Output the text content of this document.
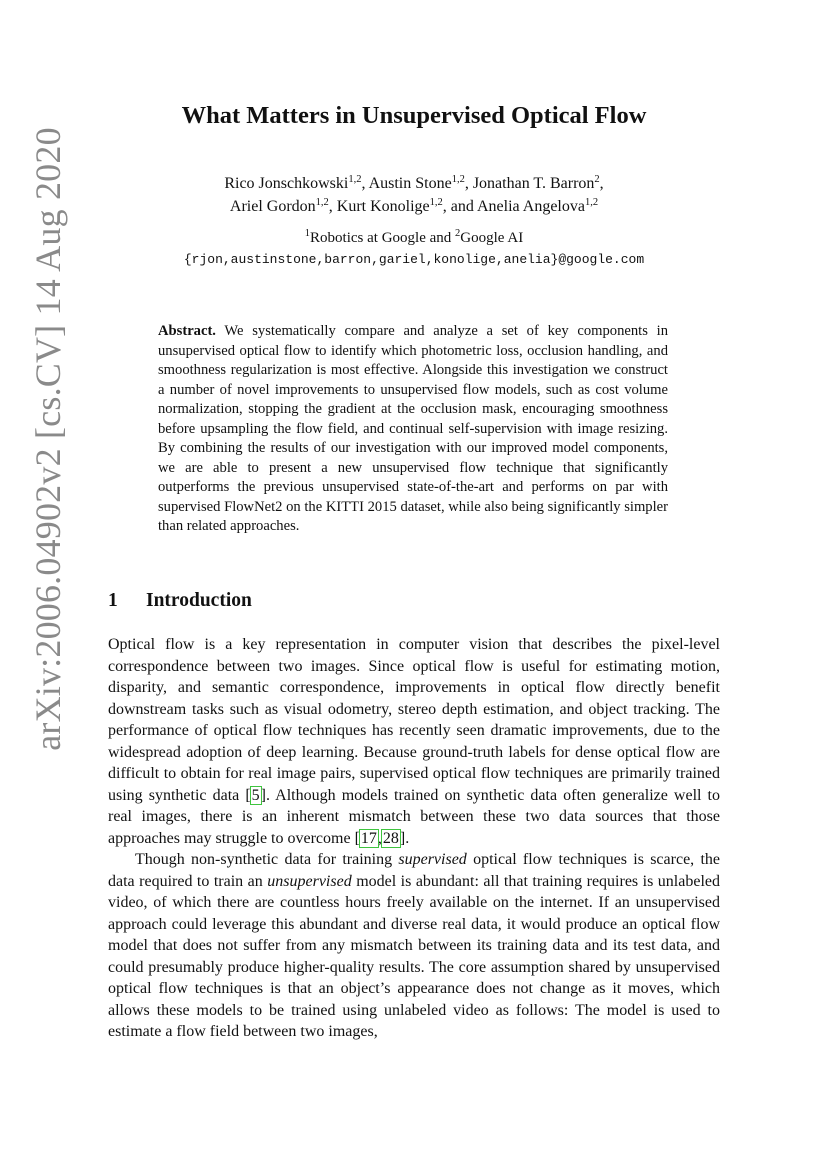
arXiv:2006.04902v2 [cs.CV] 14 Aug 2020
What Matters in Unsupervised Optical Flow
Rico Jonschkowski$^{1,2}$, Austin Stone$^{1,2}$, Jonathan T. Barron$^2$,
Ariel Gordon$^{1,2}$, Kurt Konolige$^{1,2}$, and Anelia Angelova$^{1,2}$
$^1$Robotics at Google and $^2$Google AI
{rjon,austinstone,barron,gariel,konolige,anelia}@google.com
Abstract. We systematically compare and analyze a set of key components in unsupervised optical flow to identify which photometric loss, occlusion handling, and smoothness regularization is most effective. Alongside this investigation we construct a number of novel improvements to unsupervised flow models, such as cost volume normalization, stopping the gradient at the occlusion mask, encouraging smoothness before upsampling the flow field, and continual self-supervision with image resizing. By combining the results of our investigation with our improved model components, we are able to present a new unsupervised flow technique that significantly outperforms the previous unsupervised state-of-the-art and performs on par with supervised FlowNet2 on the KITTI 2015 dataset, while also being significantly simpler than related approaches.
1 Introduction

Optical flow is a key representation in computer vision that describes the pixel-level correspondence between two images. Since optical flow is useful for estimating motion, disparity, and semantic correspondence, improvements in optical flow directly benefit downstream tasks such as visual odometry, stereo depth estimation, and object tracking. The performance of optical flow techniques has recently seen dramatic improvements, due to the widespread adoption of deep learning. Because ground-truth labels for dense optical flow are difficult to obtain for real image pairs, supervised optical flow techniques are primarily trained using synthetic data [5]. Although models trained on synthetic data often generalize well to real images, there is an inherent mismatch between these two data sources that those approaches may struggle to overcome [17,28].

Though non-synthetic data for training supervised optical flow techniques is scarce, the data required to train an unsupervised model is abundant: all that training requires is unlabeled video, of which there are countless hours freely available on the internet. If an unsupervised approach could leverage this abundant and diverse real data, it would produce an optical flow model that does not suffer from any mismatch between its training data and its test data, and could presumably produce higher-quality results. The core assumption shared by unsupervised optical flow techniques is that an object’s appearance does not change as it moves, which allows these models to be trained using unlabeled video as follows: The model is used to estimate a flow field between two images,
